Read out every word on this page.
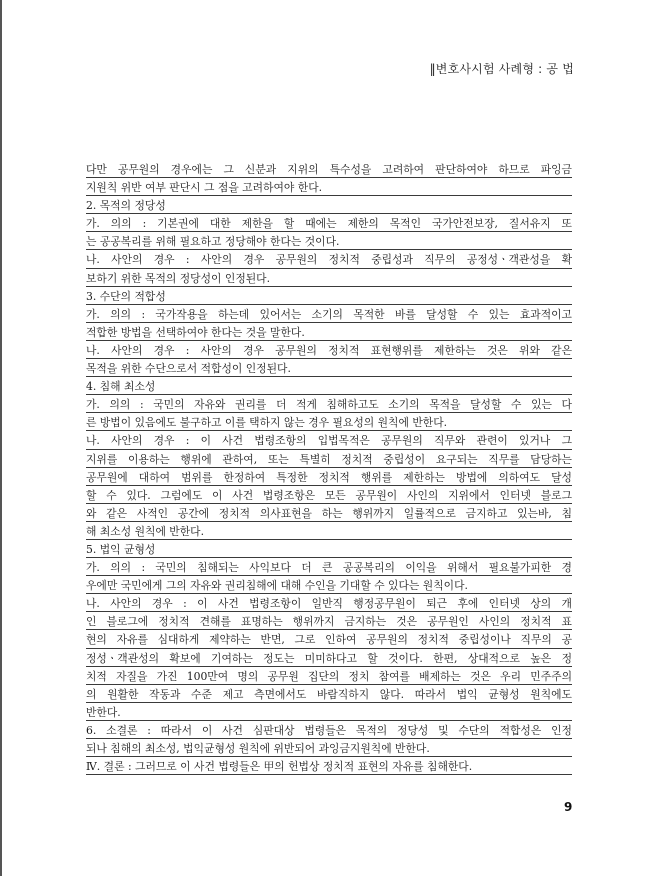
‖변호사시험 사례형 : 공 법
다만 공무원의 경우에는 그 신분과 지위의 특수성을 고려하여 판단하여야 하므로 파잉금
지원칙 위반 여부 판단시 그 점을 고려하여야 한다.
2. 목적의 정당성
가. 의의 : 기본권에 대한 제한을 할 때에는 제한의 목적인 국가안전보장, 질서유지 또
는 공공복리를 위해 필요하고 정당해야 한다는 것이다.
나. 사안의 경우 : 사안의 경우 공무원의 정치적 중립성과 직무의 공정성ㆍ객관성을 확
보하기 위한 목적의 정당성이 인정된다.
3. 수단의 적합성
가. 의의 : 국가작용을 하는데 있어서는 소기의 목적한 바를 달성할 수 있는 효과적이고
적합한 방법을 선택하여야 한다는 것을 말한다.
나. 사안의 경우 : 사안의 경우 공무원의 정치적 표현행위를 제한하는 것은 위와 같은
목적을 위한 수단으로서 적합성이 인정된다.
4. 침해 최소성
가. 의의 : 국민의 자유와 권리를 더 적게 침해하고도 소기의 목적을 달성할 수 있는 다
른 방법이 있음에도 불구하고 이를 택하지 않는 경우 필요성의 원칙에 반한다.
나. 사안의 경우 : 이 사건 법령조항의 입법목적은 공무원의 직무와 관련이 있거나 그
지위를 이용하는 행위에 관하여, 또는 특별히 정치적 중립성이 요구되는 직무를 담당하는
공무원에 대하여 범위를 한정하여 특정한 정치적 행위를 제한하는 방법에 의하여도 달성
할 수 있다. 그럼에도 이 사건 법령조항은 모든 공무원이 사인의 지위에서 인터넷 블로그
와 같은 사적인 공간에 정치적 의사표현을 하는 행위까지 일률적으로 금지하고 있는바, 침
해 최소성 원칙에 반한다.
5. 법익 균형성
가. 의의 : 국민의 침해되는 사익보다 더 큰 공공복리의 이익을 위해서 필요불가피한 경
우에만 국민에게 그의 자유와 권리침해에 대해 수인을 기대할 수 있다는 원칙이다.
나. 사안의 경우 : 이 사건 법령조항이 일반직 행정공무원이 퇴근 후에 인터넷 상의 개
인 블로그에 정치적 견해를 표명하는 행위까지 금지하는 것은 공무원인 사인의 정치적 표
현의 자유를 심대하게 제약하는 반면, 그로 인하여 공무원의 정치적 중립성이나 직무의 공
정성ㆍ객관성의 확보에 기여하는 정도는 미미하다고 할 것이다. 한편, 상대적으로 높은 정
치적 자질을 가진 100만여 명의 공무원 집단의 정치 참여를 배제하는 것은 우리 민주주의
의 원활한 작동과 수준 제고 측면에서도 바람직하지 않다. 따라서 법익 균형성 원칙에도
반한다.
6. 소결론 : 따라서 이 사건 심판대상 법령들은 목적의 정당성 및 수단의 적합성은 인정
되나 침해의 최소성, 법익균형성 원칙에 위반되어 과잉금지원칙에 반한다.
Ⅳ. 결론 : 그러므로 이 사건 법령들은 甲의 헌법상 정치적 표현의 자유를 침해한다.
9
